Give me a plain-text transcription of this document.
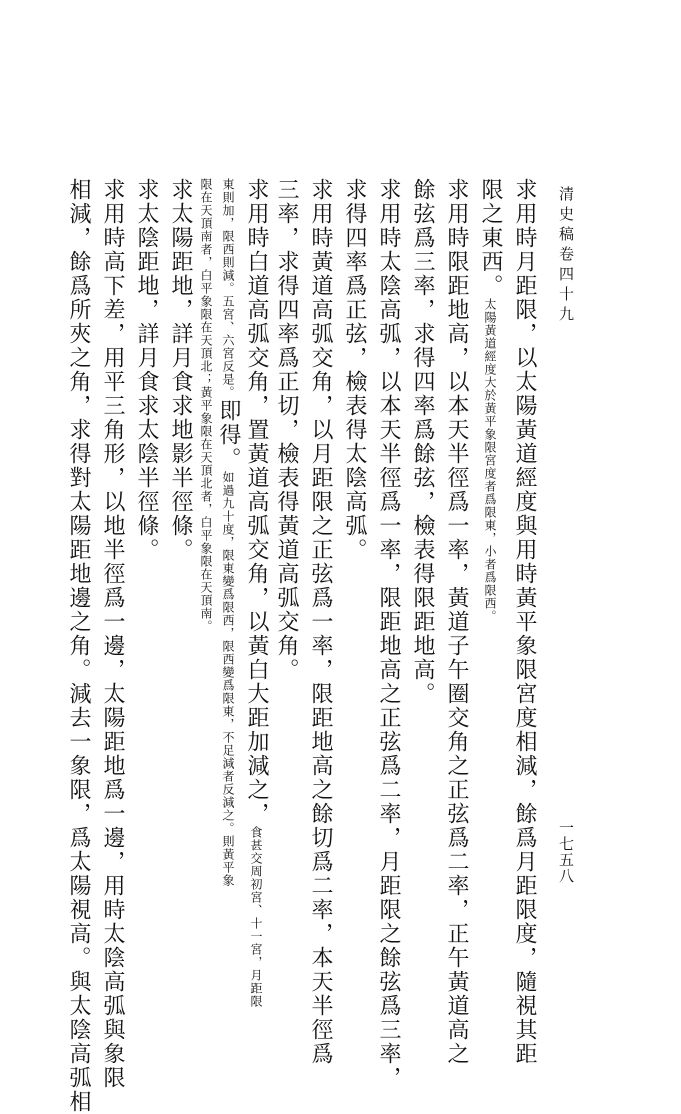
清史稿卷四十九
一七五八
求用時月距限，以太陽黃道經度與用時黃平象限宮度相減，餘爲月距限度，隨視其距
限之東西。太陽黃道經度大於黃平象限宮度者爲限東，小者爲限西。
求用時限距地高，以本天半徑爲一率，黃道子午圈交角之正弦爲二率，正午黃道高之
餘弦爲三率，求得四率爲餘弦，檢表得限距地高。
求用時太陰高弧，以本天半徑爲一率，限距地高之正弦爲二率，月距限之餘弦爲三率，
求得四率爲正弦，檢表得太陰高弧。
求用時黃道高弧交角，以月距限之正弦爲一率，限距地高之餘切爲二率，本天半徑爲
三率，求得四率爲正切，檢表得黃道高弧交角。
求用時白道高弧交角，置黃道高弧交角，以黃白大距加減之，食甚交周初宮、十一宮，月距限
東則加，限西則減。五宮、六宮反是。即得。如過九十度，限東變爲限西，限西變爲限東，不足減者反減之。則黃平象
限在天頂南者，白平象限在天頂北；黃平象限在天頂北者，白平象限在天頂南。
求太陽距地，詳月食求地影半徑條。
求太陰距地，詳月食求太陰半徑條。
求用時高下差，用平三角形，以地半徑爲一邊，太陽距地爲一邊，用時太陰高弧與象限
相減，餘爲所夾之角，求得對太陽距地邊之角。減去一象限，爲太陽視高。與太陰高弧相
